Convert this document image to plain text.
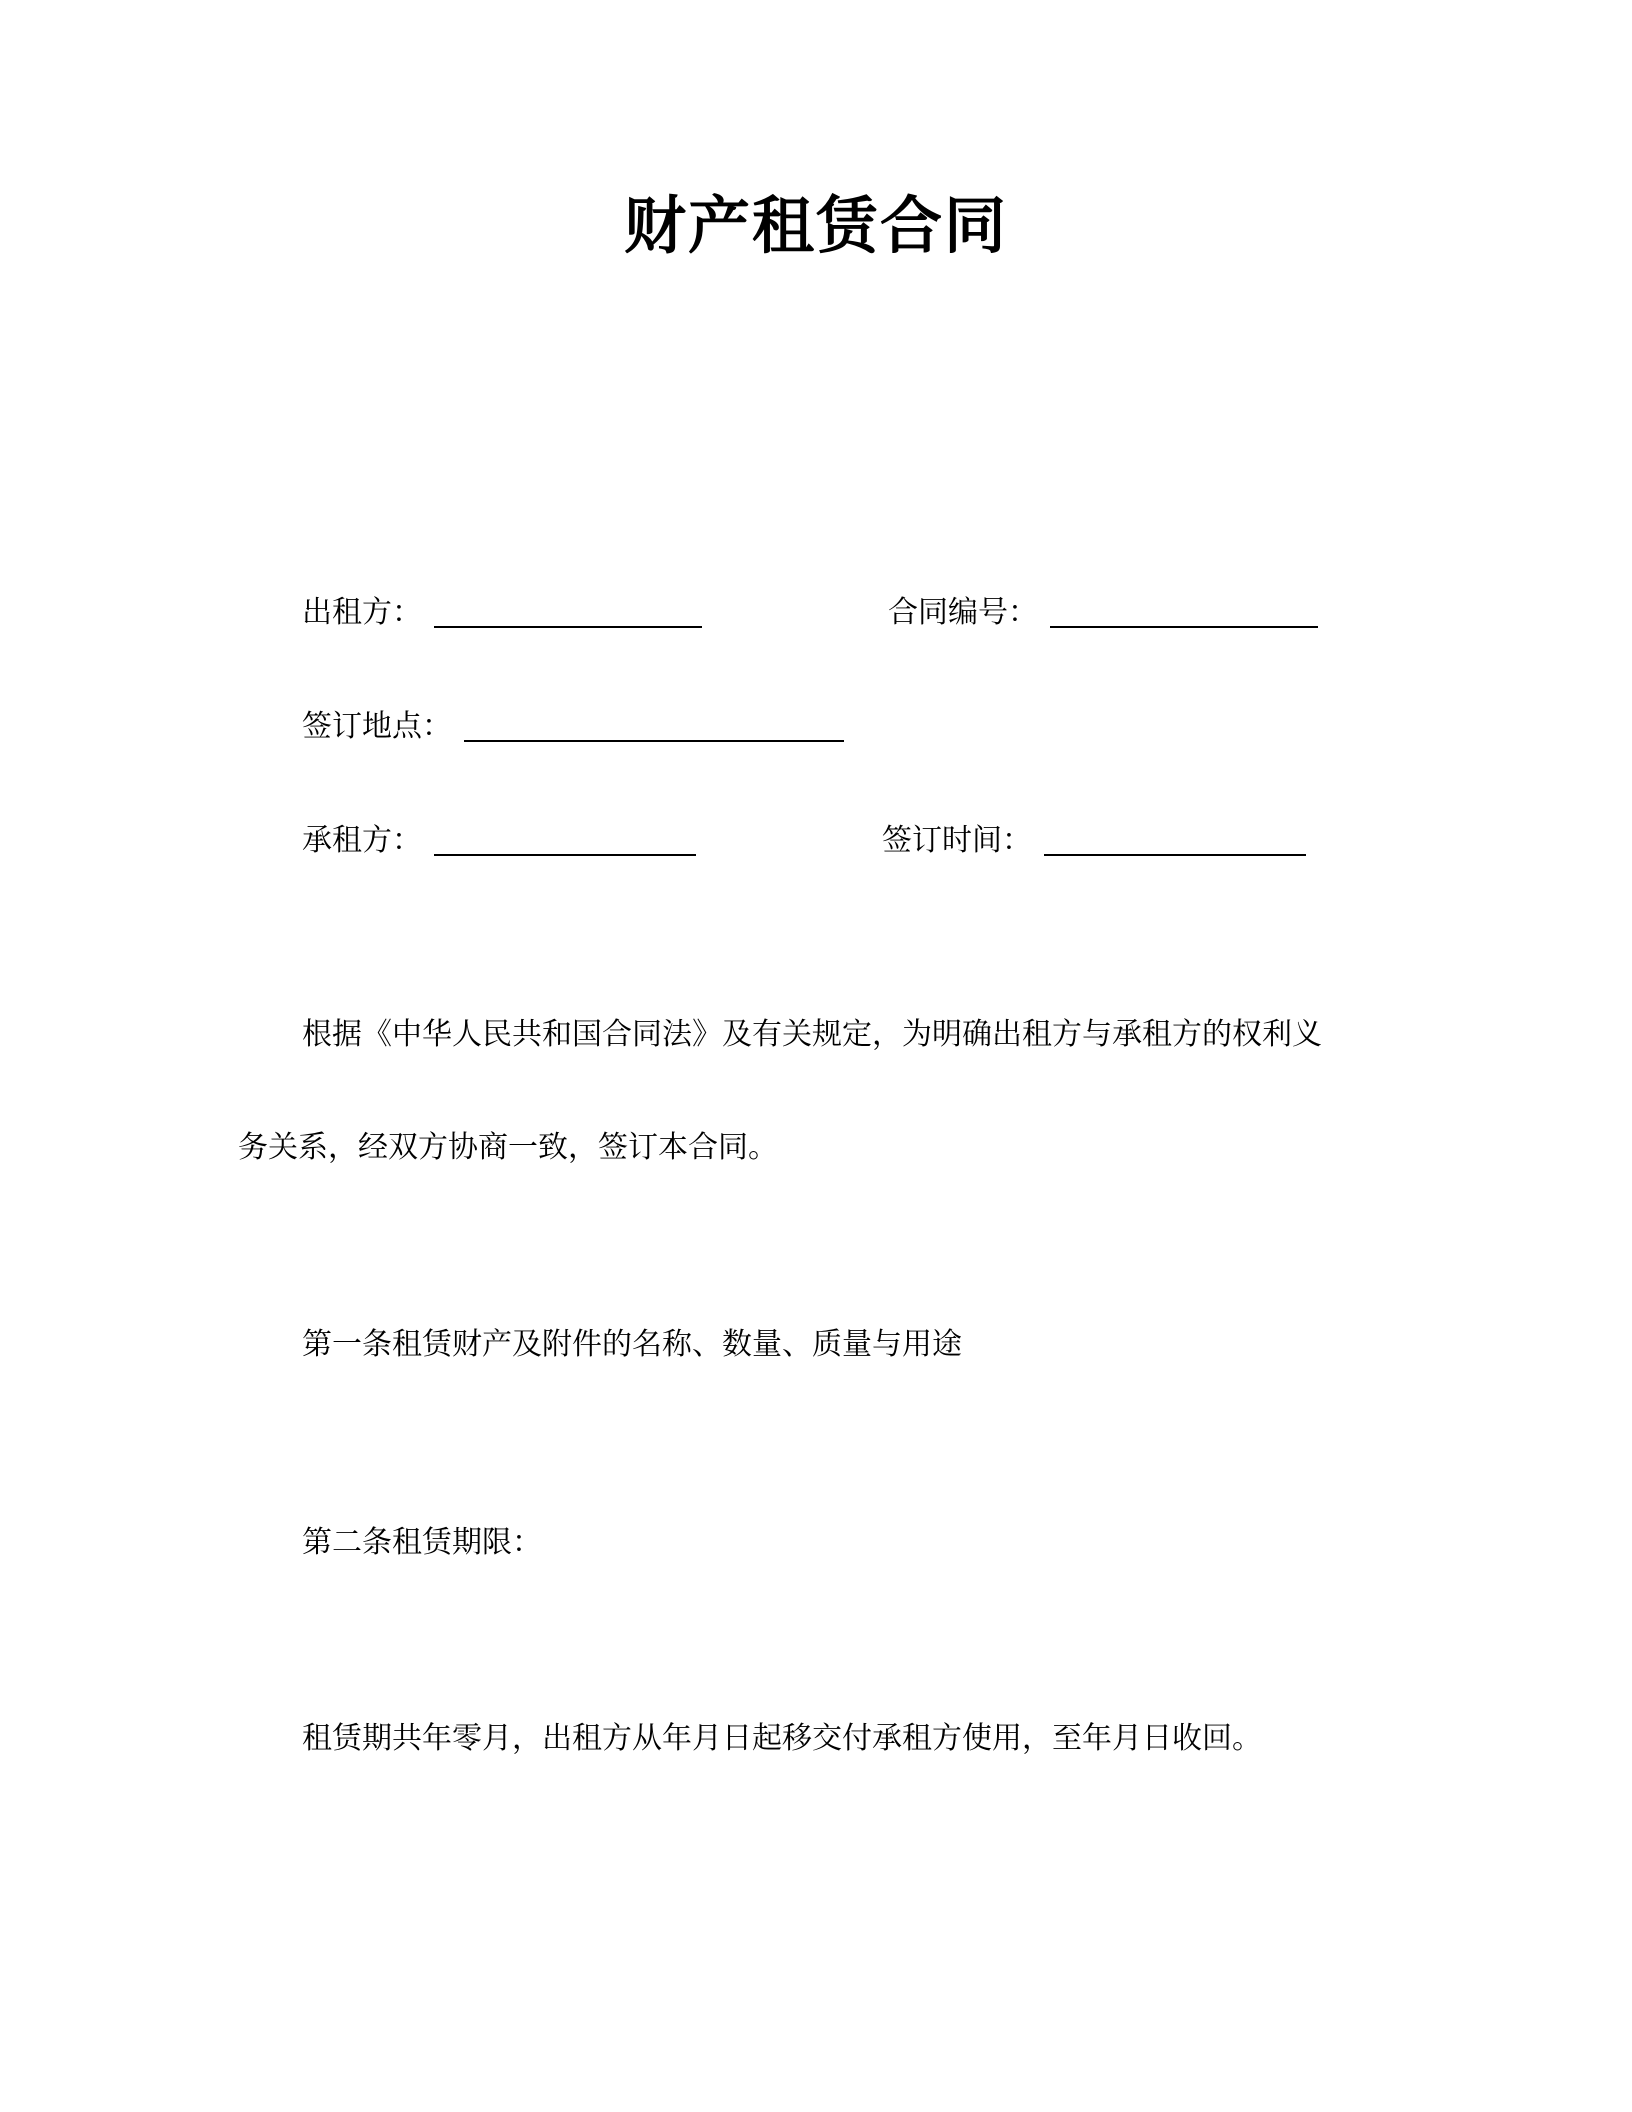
财产租赁合同
出租方：	合同编号：
签订地点：
承租方：	签订时间：
根据《中华人民共和国合同法》及有关规定，为明确出租方与承租方的权利义
务关系，经双方协商一致，签订本合同。
第一条租赁财产及附件的名称、数量、质量与用途
第二条租赁期限：
租赁期共年零月，出租方从年月日起移交付承租方使用，至年月日收回。
